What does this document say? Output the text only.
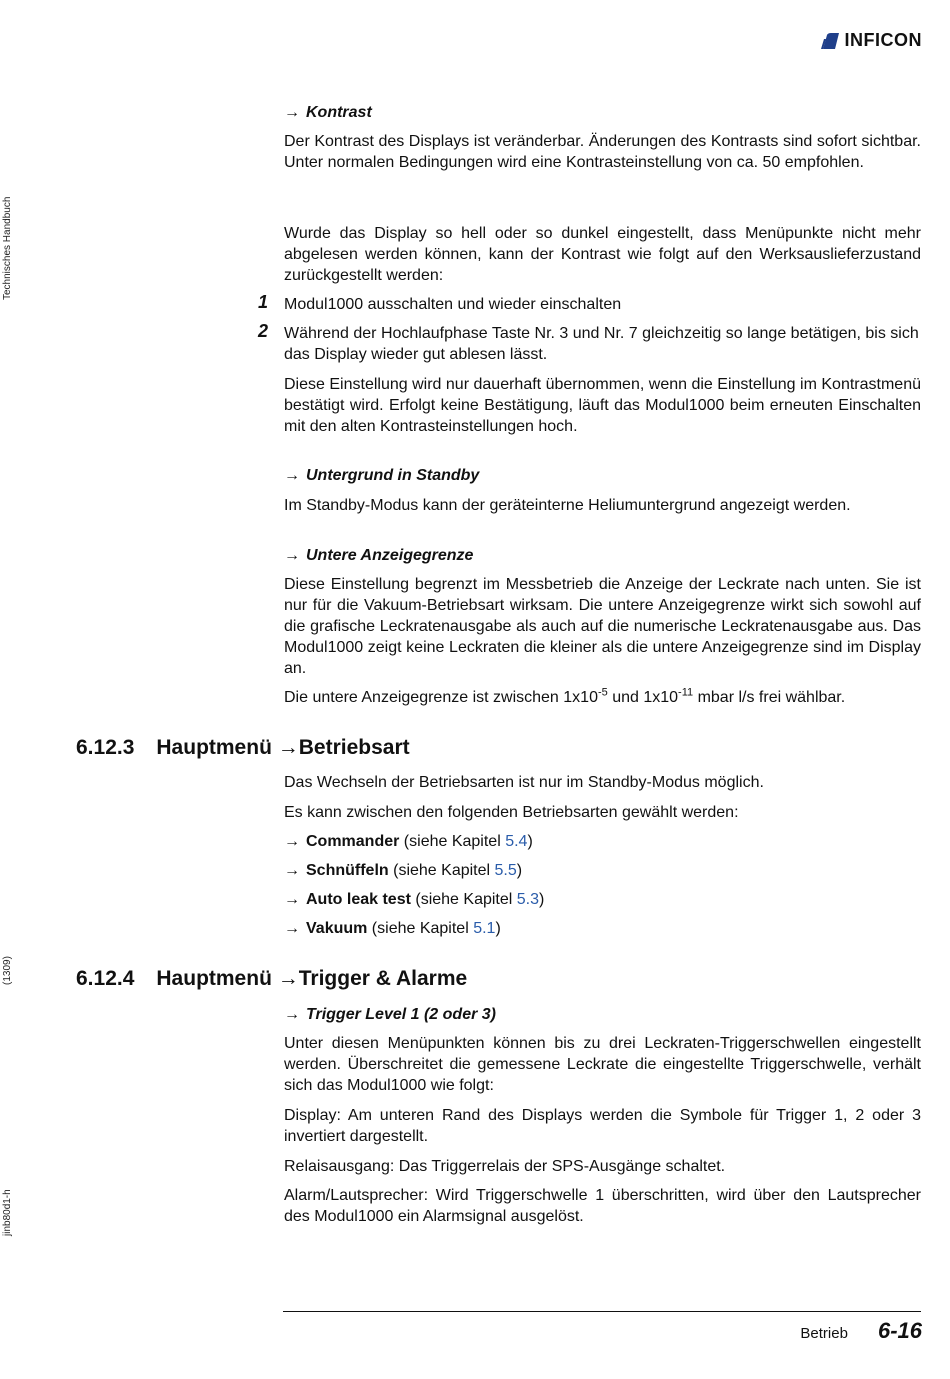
INFICON
Technisches Handbuch
(1309)
jinb80d1-h
→ Kontrast
Der Kontrast des Displays ist veränderbar. Änderungen des Kontrasts sind sofort sichtbar. Unter normalen Bedingungen wird eine Kontrasteinstellung von ca. 50 empfohlen.
Wurde das Display so hell oder so dunkel eingestellt, dass Menüpunkte nicht mehr abgelesen werden können, kann der Kontrast wie folgt auf den Werksauslieferzustand zurückgestellt werden:
1 Modul1000 ausschalten und wieder einschalten
2 Während der Hochlaufphase Taste Nr. 3 und Nr. 7 gleichzeitig so lange betätigen, bis sich das Display wieder gut ablesen lässt.
Diese Einstellung wird nur dauerhaft übernommen, wenn die Einstellung im Kontrastmenü bestätigt wird. Erfolgt keine Bestätigung, läuft das Modul1000 beim erneuten Einschalten mit den alten Kontrasteinstellungen hoch.
→ Untergrund in Standby
Im Standby-Modus kann der geräteinterne Heliumuntergrund angezeigt werden.
→ Untere Anzeigegrenze
Diese Einstellung begrenzt im Messbetrieb die Anzeige der Leckrate nach unten. Sie ist nur für die Vakuum-Betriebsart wirksam. Die untere Anzeigegrenze wirkt sich sowohl auf die grafische Leckratenausgabe als auch auf die numerische Leckratenausgabe aus. Das Modul1000 zeigt keine Leckraten die kleiner als die untere Anzeigegrenze sind im Display an.
Die untere Anzeigegrenze ist zwischen $1x10^{-5}$ und $1x10^{-11}$ mbar l/s frei wählbar.
6.12.3 Hauptmenü →Betriebsart
Das Wechseln der Betriebsarten ist nur im Standby-Modus möglich.
Es kann zwischen den folgenden Betriebsarten gewählt werden:
→ Commander (siehe Kapitel 5.4)
→ Schnüffeln (siehe Kapitel 5.5)
→ Auto leak test (siehe Kapitel 5.3)
→ Vakuum (siehe Kapitel 5.1)
6.12.4 Hauptmenü →Trigger & Alarme
→ Trigger Level 1 (2 oder 3)
Unter diesen Menüpunkten können bis zu drei Leckraten-Triggerschwellen eingestellt werden. Überschreitet die gemessene Leckrate die eingestellte Triggerschwelle, verhält sich das Modul1000 wie folgt:
Display: Am unteren Rand des Displays werden die Symbole für Trigger 1, 2 oder 3 invertiert dargestellt.
Relaisausgang: Das Triggerrelais der SPS-Ausgänge schaltet.
Alarm/Lautsprecher: Wird Triggerschwelle 1 überschritten, wird über den Lautsprecher des Modul1000 ein Alarmsignal ausgelöst.
Betrieb 6-16
